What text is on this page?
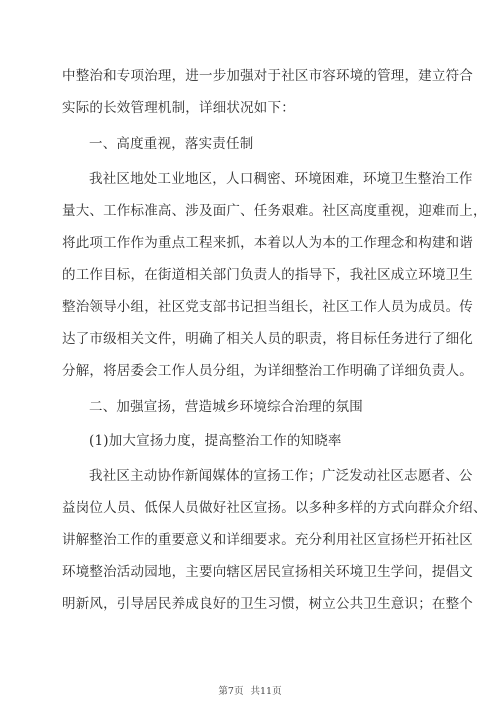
中整治和专项治理，进一步加强对于社区市容环境的管理，建立符合
实际的长效管理机制，详细状况如下：
一、高度重视，落实责任制
我社区地处工业地区，人口稠密、环境困难，环境卫生整治工作
量大、工作标准高、涉及面广、任务艰难。社区高度重视，迎难而上，
将此项工作作为重点工程来抓，本着以人为本的工作理念和构建和谐
的工作目标，在街道相关部门负责人的指导下，我社区成立环境卫生
整治领导小组，社区党支部书记担当组长，社区工作人员为成员。传
达了市级相关文件，明确了相关人员的职责，将目标任务进行了细化
分解，将居委会工作人员分组，为详细整治工作明确了详细负责人。
二、加强宣扬，营造城乡环境综合治理的氛围
(1)加大宣扬力度，提高整治工作的知晓率
我社区主动协作新闻媒体的宣扬工作；广泛发动社区志愿者、公
益岗位人员、低保人员做好社区宣扬。以多种多样的方式向群众介绍、
讲解整治工作的重要意义和详细要求。充分利用社区宣扬栏开拓社区
环境整治活动园地，主要向辖区居民宣扬相关环境卫生学问，提倡文
明新风，引导居民养成良好的卫生习惯，树立公共卫生意识；在整个
第7页 共11页
